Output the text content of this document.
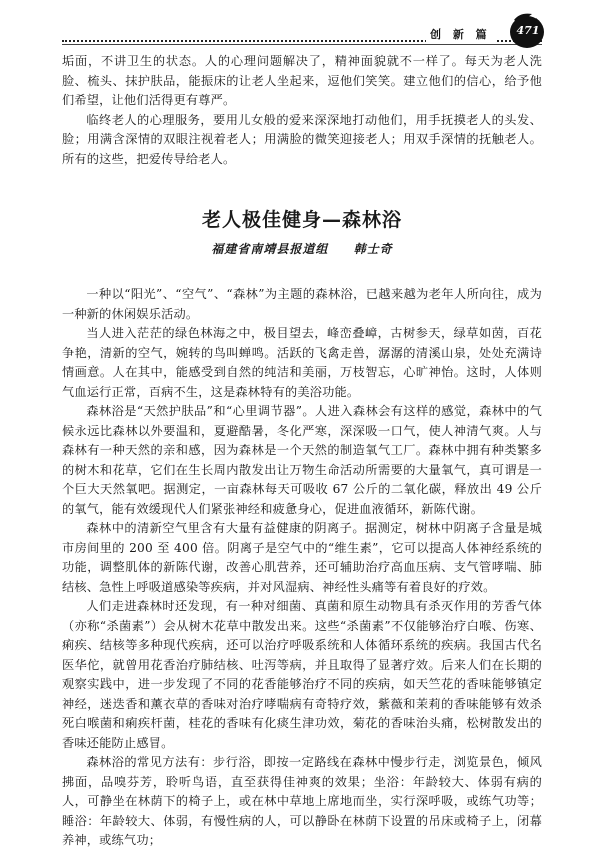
创 新 篇	471

垢面，不讲卫生的状态。人的心理问题解决了，精神面貌就不一样了。每天为老人洗脸、梳头、抹护肤品，能振床的让老人坐起来，逗他们笑笑。建立他们的信心，给予他们希望，让他们活得更有尊严。

临终老人的心理服务，要用儿女般的爱来深深地打动他们，用手抚摸老人的头发、脸；用满含深情的双眼注视着老人；用满脸的微笑迎接老人；用双手深情的抚触老人。所有的这些，把爱传导给老人。

老人极佳健身—森林浴
福建省南靖县报道组 韩士奇

一种以“阳光”、“空气”、“森林”为主题的森林浴，已越来越为老年人所向往，成为一种新的休闲娱乐活动。

当人进入茫茫的绿色林海之中，极目望去，峰峦叠嶂，古树参天，绿草如茵，百花争艳，清新的空气，婉转的鸟叫蝉鸣。活跃的飞禽走兽，潺潺的清溪山泉，处处充满诗情画意。人在其中，能感受到自然的纯洁和美丽，万枝智忘，心旷神怡。这时，人体则气血运行正常，百病不生，这是森林特有的美浴功能。

森林浴是“天然护肤品”和“心里调节器”。人进入森林会有这样的感觉，森林中的气候永远比森林以外要温和，夏避酷暑，冬化严寒，深深吸一口气，使人神清气爽。人与森林有一种天然的亲和感，因为森林是一个天然的制造氧气工厂。森林中拥有种类繁多的树木和花草，它们在生长周内散发出让万物生命活动所需要的大量氧气，真可谓是一个巨大天然氧吧。据测定，一亩森林每天可吸收 67 公斤的二氧化碳，释放出 49 公斤的氧气，能有效缓现代人们紧张神经和疲惫身心，促进血液循环，新陈代谢。

森林中的清新空气里含有大量有益健康的阴离子。据测定，树林中阴离子含量是城市房间里的 200 至 400 倍。阴离子是空气中的“维生素”，它可以提高人体神经系统的功能，调整肌体的新陈代谢，改善心肌营养，还可辅助治疗高血压病、支气管哮喘、肺结核、急性上呼吸道感染等疾病，并对风湿病、神经性头痛等有着良好的疗效。

人们走进森林时还发现，有一种对细菌、真菌和原生动物具有杀灭作用的芳香气体（亦称“杀菌素”）会从树木花草中散发出来。这些“杀菌素”不仅能够治疗白喉、伤寒、痢疾、结核等多种现代疾病，还可以治疗呼吸系统和人体循环系统的疾病。我国古代名医华佗，就曾用花香治疗肺结核、吐泻等病，并且取得了显著疗效。后来人们在长期的观察实践中，进一步发现了不同的花香能够治疗不同的疾病，如天竺花的香味能够镇定神经，迷迭香和薰衣草的香味对治疗哮喘病有奇特疗效，紫薇和茉莉的香味能够有效杀死白喉菌和痢疾杆菌，桂花的香味有化痰生津功效，菊花的香味治头痛，松树散发出的香味还能防止感冒。

森林浴的常见方法有：步行浴，即按一定路线在森林中慢步行走，浏览景色，倾风拂面，品嗅芬芳，聆听鸟语，直至获得佳神爽的效果；坐浴：年龄较大、体弱有病的人，可静坐在林荫下的椅子上，或在林中草地上席地而坐，实行深呼吸，或练气功等；睡浴：年龄较大、体弱，有慢性病的人，可以静卧在林荫下设置的吊床或椅子上，闭幕养神，或练气功；
